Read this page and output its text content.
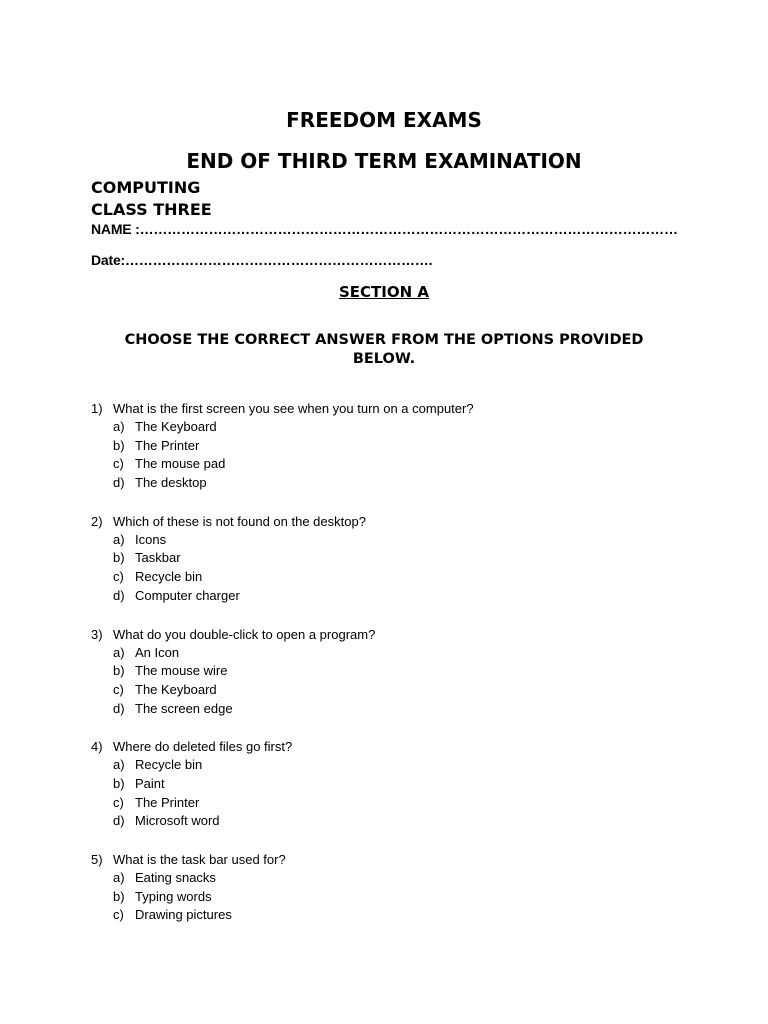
FREEDOM EXAMS
END OF THIRD TERM EXAMINATION
COMPUTING
CLASS THREE
NAME :………………………………………………………………………………………………………
Date:………………………………………………………….
SECTION A
CHOOSE THE CORRECT ANSWER FROM THE OPTIONS PROVIDED BELOW.
1) What is the first screen you see when you turn on a computer?
a) The Keyboard
b) The Printer
c) The mouse pad
d) The desktop
2) Which of these is not found on the desktop?
a) Icons
b) Taskbar
c) Recycle bin
d) Computer charger
3) What do you double-click to open a program?
a) An Icon
b) The mouse wire
c) The Keyboard
d) The screen edge
4) Where do deleted files go first?
a) Recycle bin
b) Paint
c) The Printer
d) Microsoft word
5) What is the task bar used for?
a) Eating snacks
b) Typing words
c) Drawing pictures
